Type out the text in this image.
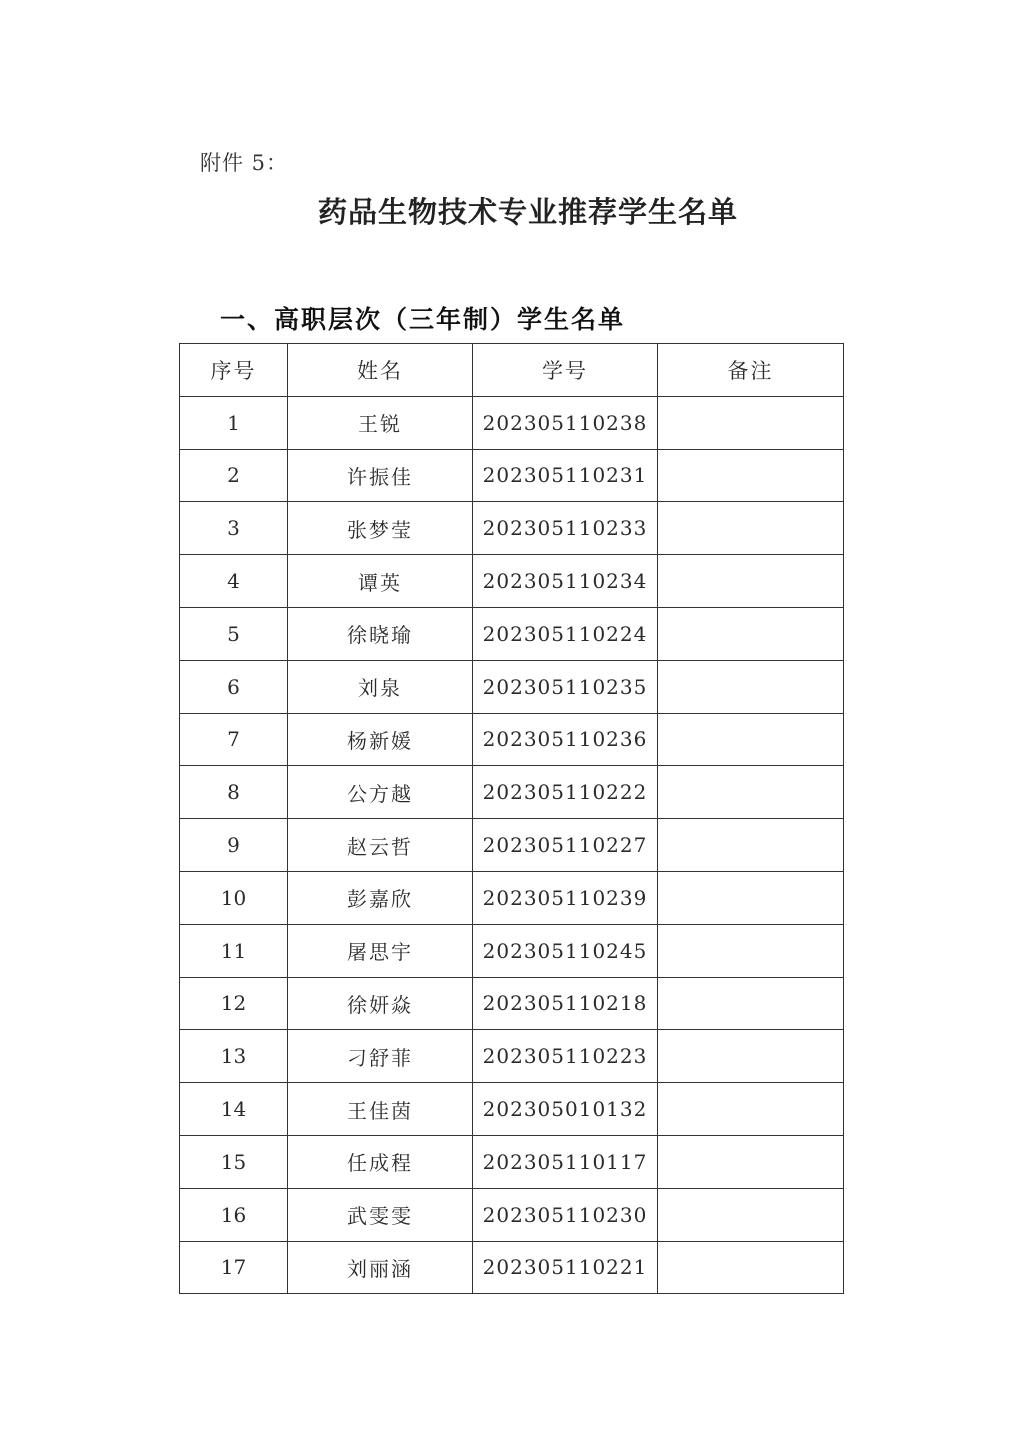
附件 5：
药品生物技术专业推荐学生名单
一、高职层次（三年制）学生名单
序号	姓名	学号	备注
1	王锐	202305110238	
2	许振佳	202305110231	
3	张梦莹	202305110233	
4	谭英	202305110234	
5	徐晓瑜	202305110224	
6	刘泉	202305110235	
7	杨新媛	202305110236	
8	公方越	202305110222	
9	赵云哲	202305110227	
10	彭嘉欣	202305110239	
11	屠思宇	202305110245	
12	徐妍焱	202305110218	
13	刁舒菲	202305110223	
14	王佳茵	202305010132	
15	任成程	202305110117	
16	武雯雯	202305110230	
17	刘丽涵	202305110221	
